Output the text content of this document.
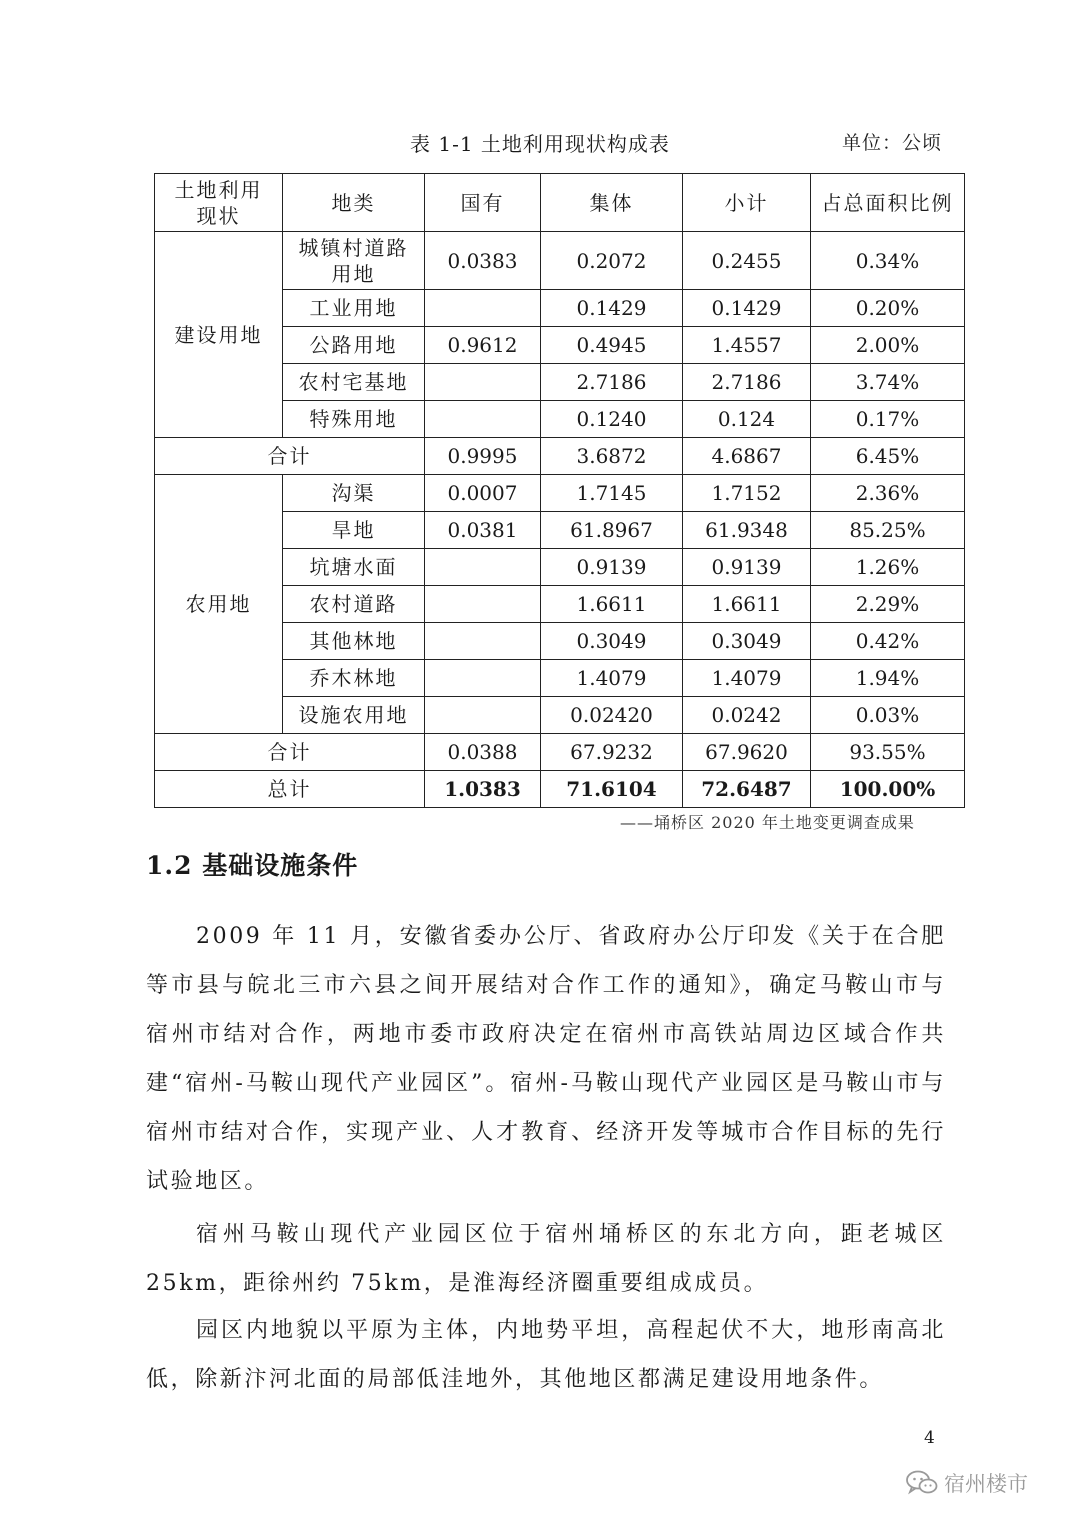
表 1-1 土地利用现状构成表	单位：公顷
土地利用现状	地类	国有	集体	小计	占总面积比例
建设用地	城镇村道路用地	0.0383	0.2072	0.2455	0.34%
	工业用地		0.1429	0.1429	0.20%
	公路用地	0.9612	0.4945	1.4557	2.00%
	农村宅基地		2.7186	2.7186	3.74%
	特殊用地		0.1240	0.124	0.17%
合计		0.9995	3.6872	4.6867	6.45%
农用地	沟渠	0.0007	1.7145	1.7152	2.36%
	旱地	0.0381	61.8967	61.9348	85.25%
	坑塘水面		0.9139	0.9139	1.26%
	农村道路		1.6611	1.6611	2.29%
	其他林地		0.3049	0.3049	0.42%
	乔木林地		1.4079	1.4079	1.94%
	设施农用地		0.02420	0.0242	0.03%
合计		0.0388	67.9232	67.9620	93.55%
总计		1.0383	71.6104	72.6487	100.00%
——埇桥区 2020 年土地变更调查成果
1.2 基础设施条件

2009 年 11 月，安徽省委办公厅、省政府办公厅印发《关于在合肥等市县与皖北三市六县之间开展结对合作工作的通知》，确定马鞍山市与宿州市结对合作，两地市委市政府决定在宿州市高铁站周边区域合作共建“宿州-马鞍山现代产业园区”。宿州-马鞍山现代产业园区是马鞍山市与宿州市结对合作，实现产业、人才教育、经济开发等城市合作目标的先行试验地区。

宿州马鞍山现代产业园区位于宿州埇桥区的东北方向，距老城区 25km，距徐州约 75km，是淮海经济圈重要组成成员。

园区内地貌以平原为主体，内地势平坦，高程起伏不大，地形南高北低，除新汴河北面的局部低洼地外，其他地区都满足建设用地条件。

4
宿州楼市
